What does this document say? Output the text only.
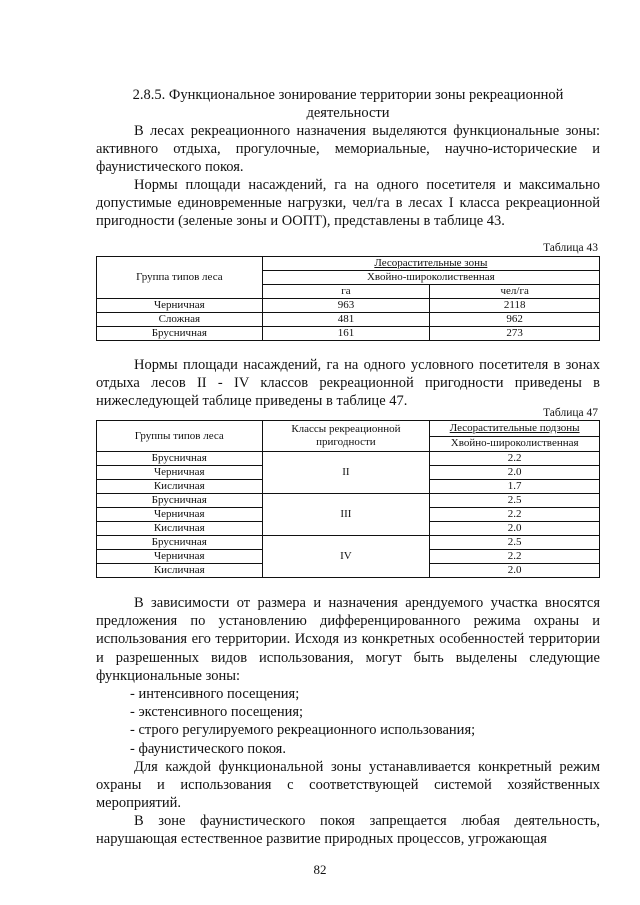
2.8.5. Функциональное зонирование территории зоны рекреационной деятельности
В лесах рекреационного назначения выделяются функциональные зоны: активного отдыха, прогулочные, мемориальные, научно-исторические и фаунистического покоя.
Нормы площади насаждений, га на одного посетителя и максимально допустимые единовременные нагрузки, чел/га в лесах I класса рекреационной пригодности (зеленые зоны и ООПТ), представлены в таблице 43.
Таблица 43
Группа типов леса	Лесорастительные зоны	
	Хвойно-широколиственная	
	га	чел/га
Черничная	963	2118
Сложная	481	962
Брусничная	161	273
Нормы площади насаждений, га на одного условного посетителя в зонах отдыха лесов II - IV классов рекреационной пригодности приведены в нижеследующей таблице приведены в таблице 47.
Таблица 47
Группы типов леса	Классы рекреационной пригодности	Лесорастительные подзоны
		Хвойно-широколиственная
Брусничная	II	2.2
Черничная		2.0
Кисличная		1.7
Брусничная	III	2.5
Черничная		2.2
Кисличная		2.0
Брусничная	IV	2.5
Черничная		2.2
Кисличная		2.0
В зависимости от размера и назначения арендуемого участка вносятся предложения по установлению дифференцированного режима охраны и использования его территории. Исходя из конкретных особенностей территории и разрешенных видов использования, могут быть выделены следующие функциональные зоны:

- интенсивного посещения;

- экстенсивного посещения;

- строго регулируемого рекреационного использования;

- фаунистического покоя.

Для каждой функциональной зоны устанавливается конкретный режим охраны и использования с соответствующей системой хозяйственных мероприятий.
В зоне фаунистического покоя запрещается любая деятельность, нарушающая естественное развитие природных процессов, угрожающая
82
